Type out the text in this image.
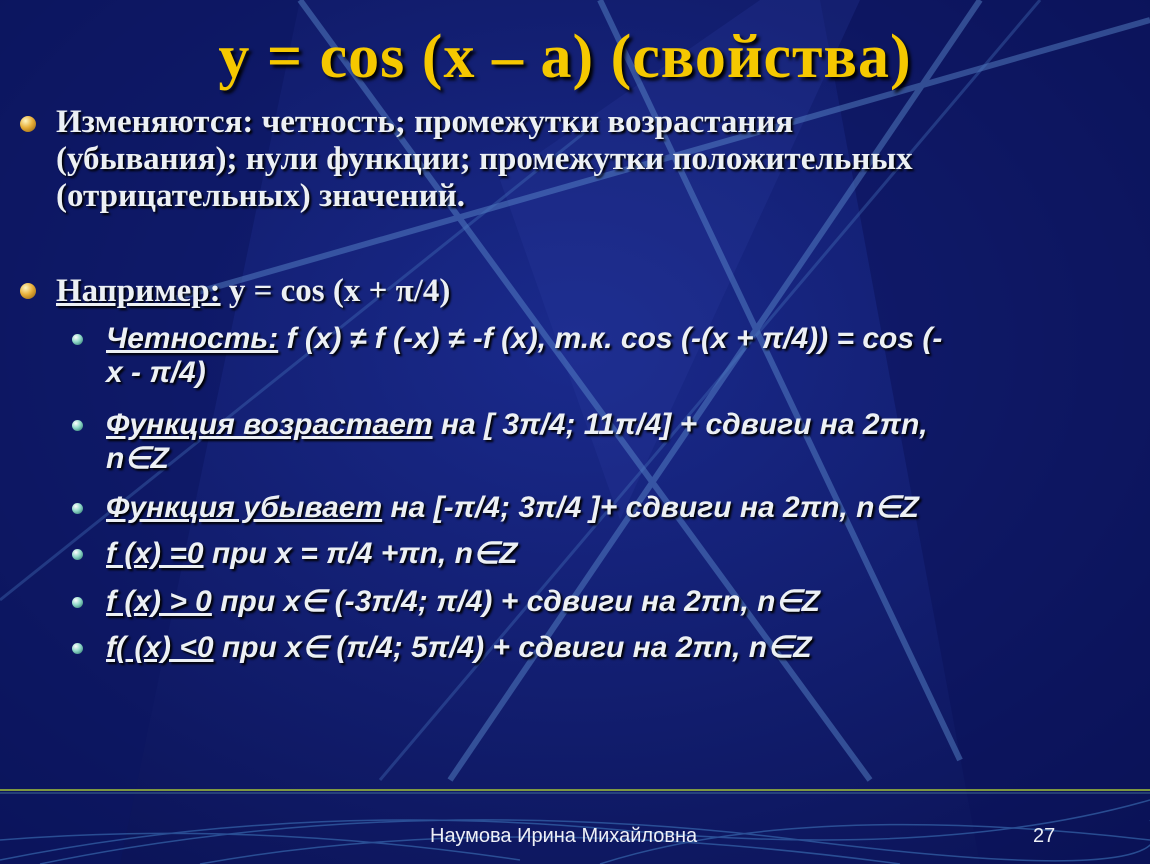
y = cos (x – a) (свойства)
Изменяются: четность; промежутки возрастания
(убывания); нули функции; промежутки положительных
(отрицательных) значений.
Например: y = cos (x + π/4)
Четность: f (x) ≠ f (-x) ≠ -f (x), т.к. cos (-(x + π/4)) = cos (-
x - π/4)
Функция возрастает на [ 3π/4; 11π/4] + сдвиги на 2πn,
n∈Z
Функция убывает на [-π/4; 3π/4 ]+ сдвиги на 2πn, n∈Z
f (x) =0 при x = π/4 +πn, n∈Z
f (x) > 0 при x∈ (-3π/4; π/4) + сдвиги на 2πn, n∈Z
f( (x) <0 при x∈ (π/4; 5π/4) + сдвиги на 2πn, n∈Z
Наумова Ирина Михайловна	27
